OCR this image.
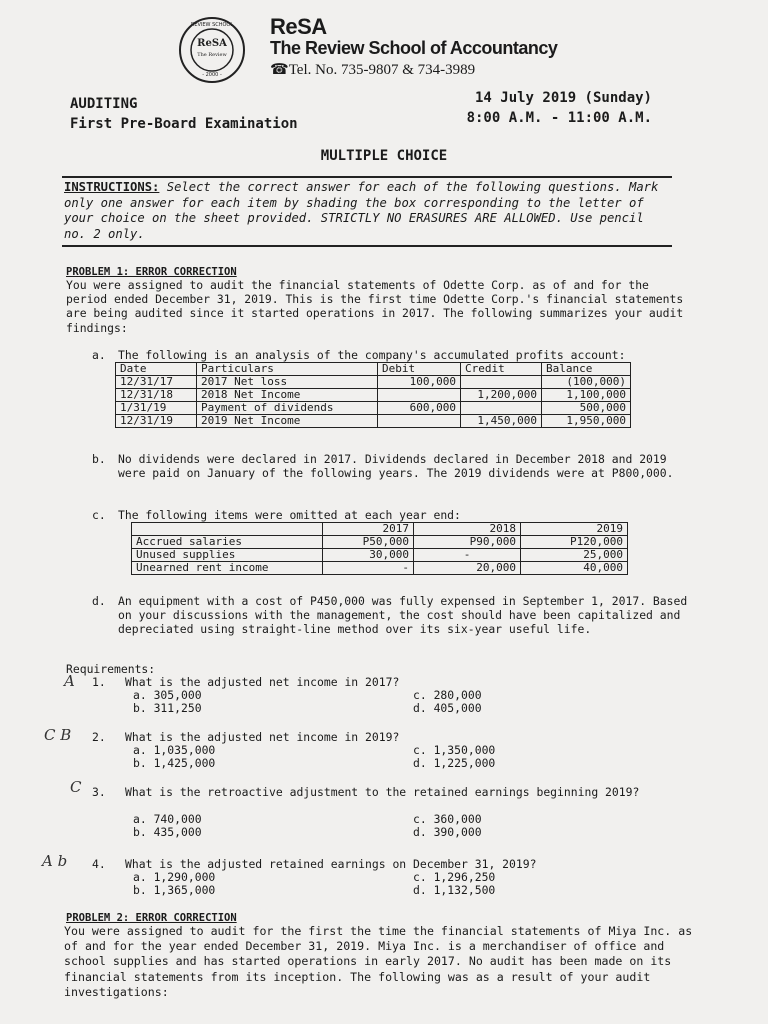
ReSA
The Review
- 2000 -
REVIEW SCHOOL ReSA
The Review School of Accountancy
☎Tel. No. 735-9807 & 734-3989
AUDITING
First Pre-Board Examination
14 July 2019 (Sunday)
8:00 A.M. - 11:00 A.M.
MULTIPLE CHOICE
INSTRUCTIONS: Select the correct answer for each of the following questions. Mark only one answer for each item by shading the box corresponding to the letter of your choice on the sheet provided. STRICTLY NO ERASURES ARE ALLOWED. Use pencil no. 2 only.
PROBLEM 1: ERROR CORRECTION
You were assigned to audit the financial statements of Odette Corp. as of and for the period ended December 31, 2019. This is the first time Odette Corp.'s financial statements are being audited since it started operations in 2017. The following summarizes your audit findings:
a. The following is an analysis of the company's accumulated profits account:
Date	Particulars	Debit	Credit	Balance
12/31/17	2017 Net loss	100,000		(100,000)
12/31/18	2018 Net Income		1,200,000	1,100,000
1/31/19	Payment of dividends	600,000		500,000
12/31/19	2019 Net Income		1,450,000	1,950,000
b. No dividends were declared in 2017. Dividends declared in December 2018 and 2019 were paid on January of the following years. The 2019 dividends were at P800,000.
c. The following items were omitted at each year end:
	2017	2018	2019
Accrued salaries	P50,000	P90,000	P120,000
Unused supplies	30,000	-	25,000
Unearned rent income	-	20,000	40,000
d. An equipment with a cost of P450,000 was fully expensed in September 1, 2017. Based on your discussions with the management, the cost should have been capitalized and depreciated using straight-line method over its six-year useful life.
Requirements:
A 1. What is the adjusted net income in 2017?
a. 305,000
b. 311,250
c. 280,000
d. 405,000
C B 2. What is the adjusted net income in 2019?
a. 1,035,000
b. 1,425,000
c. 1,350,000
d. 1,225,000
C 3. What is the retroactive adjustment to the retained earnings beginning 2019?
a. 740,000
b. 435,000
c. 360,000
d. 390,000
A b 4. What is the adjusted retained earnings on December 31, 2019?
a. 1,290,000
b. 1,365,000
c. 1,296,250
d. 1,132,500
PROBLEM 2: ERROR CORRECTION
You were assigned to audit for the first the time the financial statements of Miya Inc. as of and for the year ended December 31, 2019. Miya Inc. is a merchandiser of office and school supplies and has started operations in early 2017. No audit has been made on its financial statements from its inception. The following was as a result of your audit investigations:
